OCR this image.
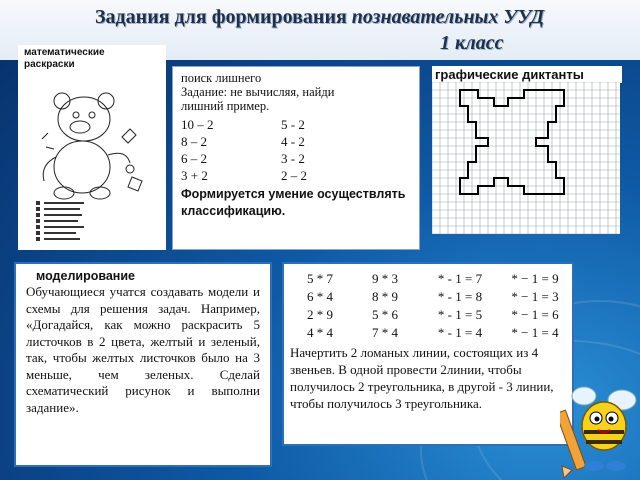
Задания для формирования познавательных УУД
1 класс
математические раскраски
поиск лишнего
Задание: не вычисляя, найди
лишний пример.
10 – 2	5 - 2
8 – 2	4 - 2
6 – 2	3 - 2
3 + 2	2 – 2
Формируется умение осуществлять классификацию.
графические диктанты
моделирование
Обучающиеся учатся создавать модели и схемы для решения задач. Например, «Догадайся, как можно раскрасить 5 листочков в 2 цвета, желтый и зеленый, так, чтобы желтых листочков было на 3 меньше, чем зеленых. Сделай схематический рисунок и выполни задание».
5 * 7	9 * 3	* - 1 = 7	* − 1 = 9
6 * 4	8 * 9	* - 1 = 8	* − 1 = 3
2 * 9	5 * 6	* - 1 = 5	* − 1 = 6
4 * 4	7 * 4	* - 1 = 4	* − 1 = 4
Начертить 2 ломаных линии, состоящих из 4 звеньев. В одной провести 2линии, чтобы получилось 2 треугольника, в другой - 3 линии, чтобы получилось 3 треугольника.
